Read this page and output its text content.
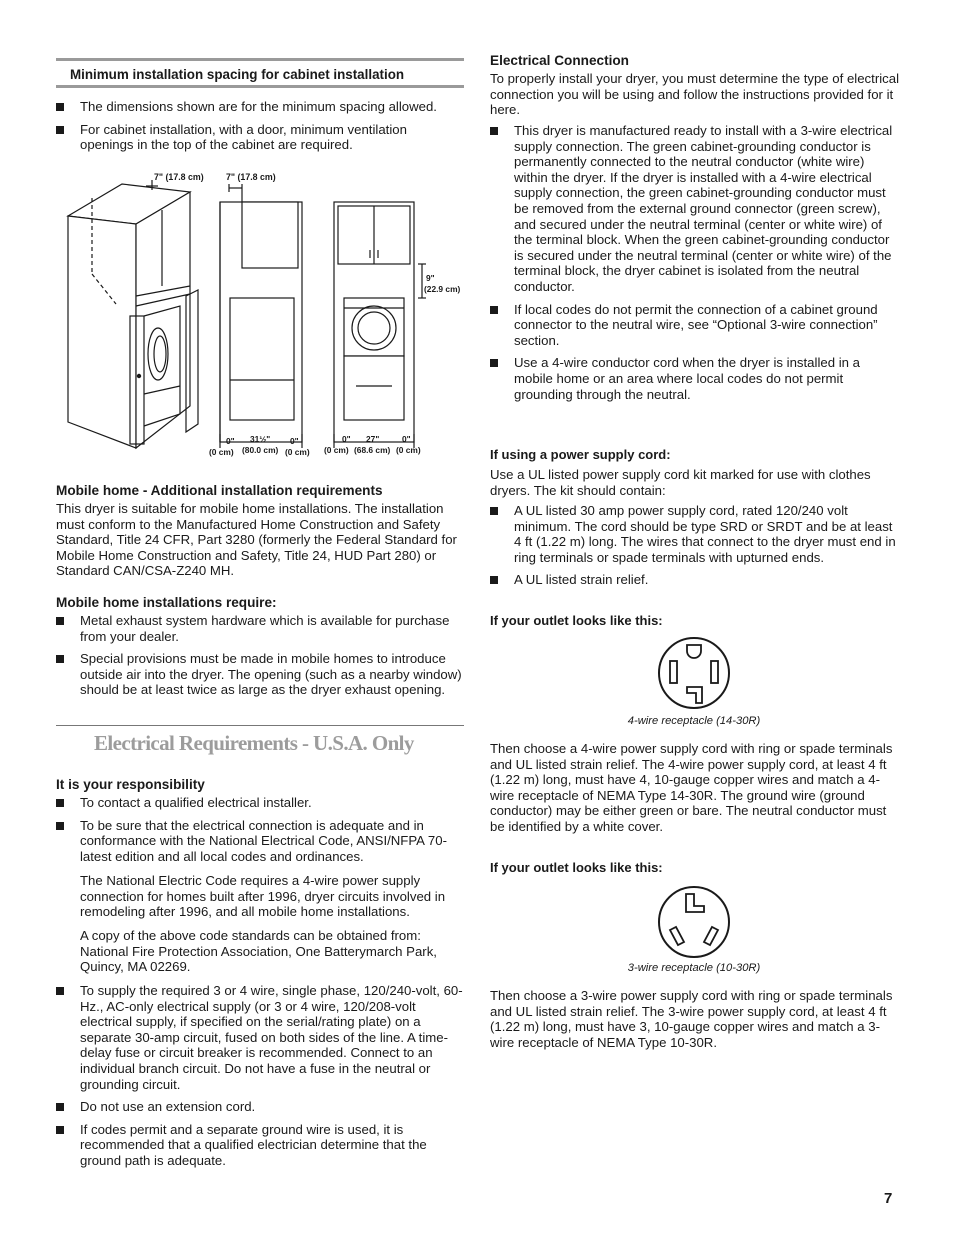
Minimum installation spacing for cabinet installation
The dimensions shown are for the minimum spacing allowed.
For cabinet installation, with a door, minimum ventilation openings in the top of the cabinet are required.
7" (17.8 cm)	7" (17.8 cm)
9"
(22.9 cm)
0"
(0 cm)
31½"
(80.0 cm)
0"
(0 cm)
0"
(0 cm)
27"
(68.6 cm)
0"
(0 cm)
Mobile home - Additional installation requirements
This dryer is suitable for mobile home installations. The installation must conform to the Manufactured Home Construction and Safety Standard, Title 24 CFR, Part 3280 (formerly the Federal Standard for Mobile Home Construction and Safety, Title 24, HUD Part 280) or Standard CAN/CSA-Z240 MH.
Mobile home installations require:
Metal exhaust system hardware which is available for purchase from your dealer.
Special provisions must be made in mobile homes to introduce outside air into the dryer. The opening (such as a nearby window) should be at least twice as large as the dryer exhaust opening.
Electrical Requirements - U.S.A. Only
It is your responsibility
To contact a qualified electrical installer.
To be sure that the electrical connection is adequate and in conformance with the National Electrical Code, ANSI/NFPA 70-latest edition and all local codes and ordinances.
The National Electric Code requires a 4-wire power supply connection for homes built after 1996, dryer circuits involved in remodeling after 1996, and all mobile home installations.
A copy of the above code standards can be obtained from: National Fire Protection Association, One Batterymarch Park, Quincy, MA 02269.
To supply the required 3 or 4 wire, single phase, 120/240-volt, 60-Hz., AC-only electrical supply (or 3 or 4 wire, 120/208-volt electrical supply, if specified on the serial/rating plate) on a separate 30-amp circuit, fused on both sides of the line. A time-delay fuse or circuit breaker is recommended. Connect to an individual branch circuit. Do not have a fuse in the neutral or grounding circuit.
Do not use an extension cord.
If codes permit and a separate ground wire is used, it is recommended that a qualified electrician determine that the ground path is adequate.
Electrical Connection
To properly install your dryer, you must determine the type of electrical connection you will be using and follow the instructions provided for it here.
This dryer is manufactured ready to install with a 3-wire electrical supply connection. The green cabinet-grounding conductor is permanently connected to the neutral conductor (white wire) within the dryer. If the dryer is installed with a 4-wire electrical supply connection, the green cabinet-grounding conductor must be removed from the external ground connector (green screw), and secured under the neutral terminal (center or white wire) of the terminal block. When the green cabinet-grounding conductor is secured under the neutral terminal (center or white wire) of the terminal block, the dryer cabinet is isolated from the neutral conductor.
If local codes do not permit the connection of a cabinet ground connector to the neutral wire, see “Optional 3-wire connection” section.
Use a 4-wire conductor cord when the dryer is installed in a mobile home or an area where local codes do not permit grounding through the neutral.
If using a power supply cord:
Use a UL listed power supply cord kit marked for use with clothes dryers. The kit should contain:
A UL listed 30 amp power supply cord, rated 120/240 volt minimum. The cord should be type SRD or SRDT and be at least 4 ft (1.22 m) long. The wires that connect to the dryer must end in ring terminals or spade terminals with upturned ends.
A UL listed strain relief.
If your outlet looks like this:
4-wire receptacle (14-30R)
Then choose a 4-wire power supply cord with ring or spade terminals and UL listed strain relief. The 4-wire power supply cord, at least 4 ft (1.22 m) long, must have 4, 10-gauge copper wires and match a 4-wire receptacle of NEMA Type 14-30R. The ground wire (ground conductor) may be either green or bare. The neutral conductor must be identified by a white cover.
If your outlet looks like this:
3-wire receptacle (10-30R)
Then choose a 3-wire power supply cord with ring or spade terminals and UL listed strain relief. The 3-wire power supply cord, at least 4 ft (1.22 m) long, must have 3, 10-gauge copper wires and match a 3-wire receptacle of NEMA Type 10-30R.
7
